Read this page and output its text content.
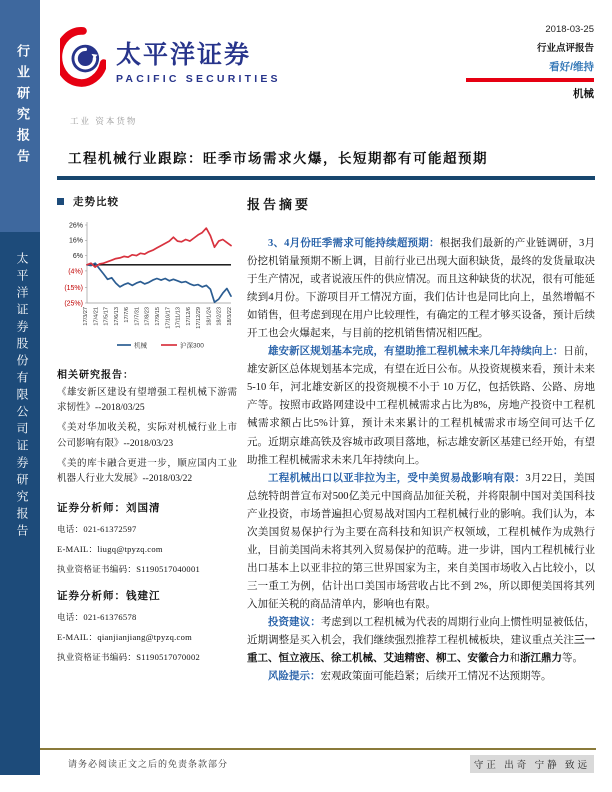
行业研究报告
太平洋证券股份有限公司证券研究报告
太平洋证券
PACIFIC SECURITIES
2018-03-25
行业点评报告
看好/维持
机械
工业 资本货物
工程机械行业跟踪：旺季市场需求火爆，长短期都有可能超预期
走势比较
26%
16%
6%
(4%)
(15%)
(25%)
17/3/27 17/4/21 17/5/17 17/6/13 17/7/6 17/7/31 17/8/23 17/9/15 17/10/17 17/11/13 17/12/6 17/12/29 18/1/24 18/2/23 18/3/22
机械	沪深300
相关研究报告：
《雄安新区建设有望增强工程机械下游需求韧性》--2018/03/25
《美对华加收关税，实际对机械行业上市公司影响有限》--2018/03/23
《美的库卡融合更进一步，顺应国内工业机器人行业大发展》--2018/03/22
证券分析师：刘国清
电话：021-61372597
E-MAIL：liugq@tpyzq.com
执业资格证书编码：S1190517040001
证券分析师：钱建江
电话：021-61376578
E-MAIL：qianjianjiang@tpyzq.com
执业资格证书编码：S1190517070002
报告摘要

3、4月份旺季需求可能持续超预期：根据我们最新的产业链调研，3月份挖机销量预期不断上调，目前行业已出现大面积缺货，最终的发货量取决于生产情况，或者说液压件的供应情况。而且这种缺货的状况，很有可能延续到4月份。下游项目开工情况方面，我们估计也是同比向上，虽然增幅不如销售，但考虑到现在用户比较理性，有确定的工程才够买设备，预计后续开工也会火爆起来，与目前的挖机销售情况相匹配。

雄安新区规划基本完成，有望助推工程机械未来几年持续向上：日前，雄安新区总体规划基本完成，有望在近日公布。从投资规模来看，预计未来 5-10 年，河北雄安新区的投资规模不小于 10 万亿，包括铁路、公路、房地产等。按照市政路网建设中工程机械需求占比为8%，房地产投资中工程机械需求额占比5%计算，预计未来累计的工程机械需求市场空间可达千亿元。近期京雄高铁及容城市政项目落地，标志雄安新区基建已经开始，有望助推工程机械需求未来几年持续向上。

工程机械出口以亚非拉为主，受中美贸易战影响有限：3月22日，美国总统特朗普宣布对500亿美元中国商品加征关税，并将限制中国对美国科技产业投资，市场普遍担心贸易战对国内工程机械行业的影响。我们认为，本次美国贸易保护行为主要在高科技和知识产权领域，工程机械作为成熟行业，目前美国尚未将其列入贸易保护的范畴。进一步讲，国内工程机械行业出口基本上以亚非拉的第三世界国家为主，来自美国市场收入占比较小，以三一重工为例，估计出口美国市场营收占比不到 2%，所以即便美国将其列入加征关税的商品清单内，影响也有限。

投资建议：考虑到以工程机械为代表的周期行业向上惯性明显被低估，近期调整是买入机会，我们继续强烈推荐工程机械板块，建议重点关注三一重工、恒立液压、徐工机械、艾迪精密、柳工、安徽合力和浙江鼎力等。

风险提示：宏观政策面可能趋紧；后续开工情况不达预期等。

请务必阅读正文之后的免责条款部分	守正 出奇 宁静 致远
